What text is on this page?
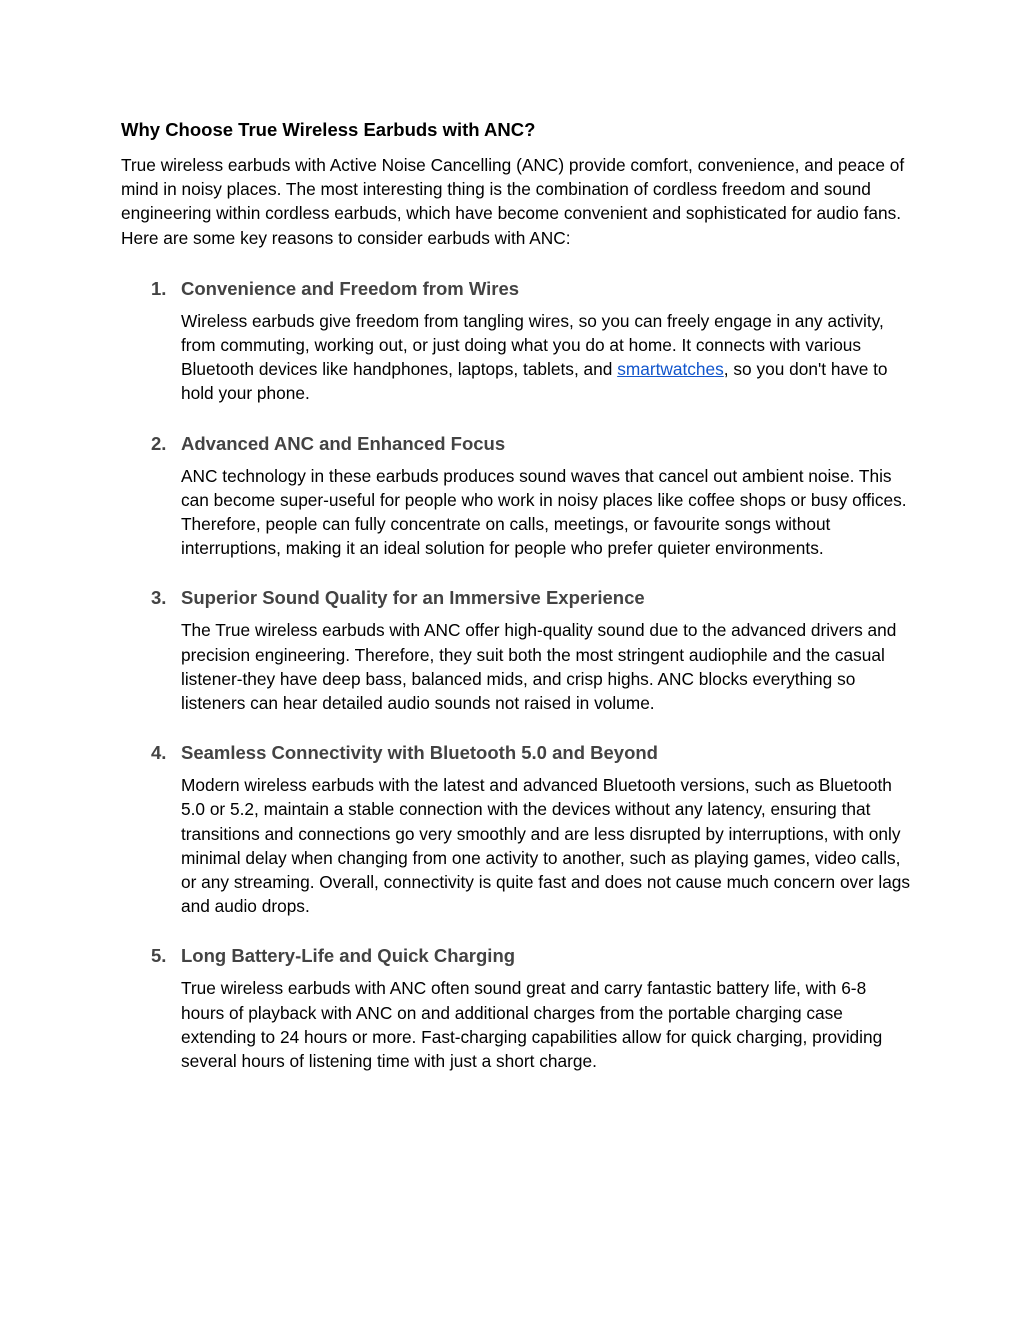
Why Choose True Wireless Earbuds with ANC?

True wireless earbuds with Active Noise Cancelling (ANC) provide comfort, convenience, and peace of mind in noisy places. The most interesting thing is the combination of cordless freedom and sound engineering within cordless earbuds, which have become convenient and sophisticated for audio fans. Here are some key reasons to consider earbuds with ANC:

1. Convenience and Freedom from Wires

Wireless earbuds give freedom from tangling wires, so you can freely engage in any activity, from commuting, working out, or just doing what you do at home. It connects with various Bluetooth devices like handphones, laptops, tablets, and smartwatches, so you don't have to hold your phone.

2. Advanced ANC and Enhanced Focus

ANC technology in these earbuds produces sound waves that cancel out ambient noise. This can become super-useful for people who work in noisy places like coffee shops or busy offices. Therefore, people can fully concentrate on calls, meetings, or favourite songs without interruptions, making it an ideal solution for people who prefer quieter environments.

3. Superior Sound Quality for an Immersive Experience

The True wireless earbuds with ANC offer high-quality sound due to the advanced drivers and precision engineering. Therefore, they suit both the most stringent audiophile and the casual listener-they have deep bass, balanced mids, and crisp highs. ANC blocks everything so listeners can hear detailed audio sounds not raised in volume.

4. Seamless Connectivity with Bluetooth 5.0 and Beyond

Modern wireless earbuds with the latest and advanced Bluetooth versions, such as Bluetooth 5.0 or 5.2, maintain a stable connection with the devices without any latency, ensuring that transitions and connections go very smoothly and are less disrupted by interruptions, with only minimal delay when changing from one activity to another, such as playing games, video calls, or any streaming. Overall, connectivity is quite fast and does not cause much concern over lags and audio drops.

5. Long Battery-Life and Quick Charging

True wireless earbuds with ANC often sound great and carry fantastic battery life, with 6-8 hours of playback with ANC on and additional charges from the portable charging case extending to 24 hours or more. Fast-charging capabilities allow for quick charging, providing several hours of listening time with just a short charge.
